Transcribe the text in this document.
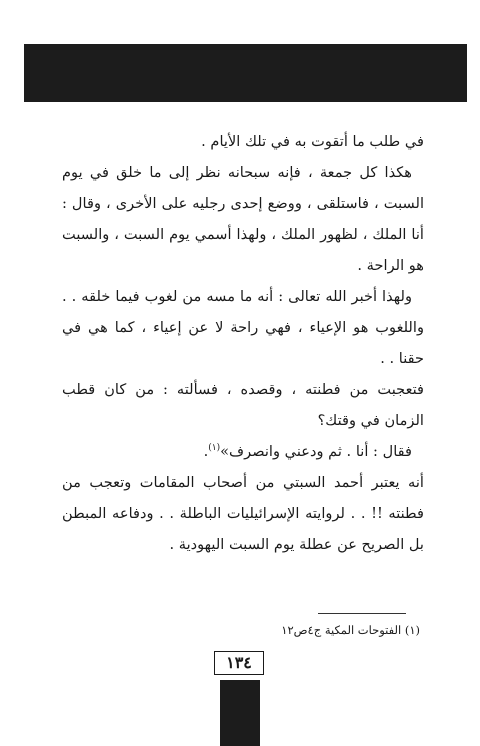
في طلب ما أتقوت به في تلك الأيام .

هكذا كل جمعة ، فإنه سبحانه نظر إلى ما خلق في يوم السبت ، فاستلقى ، ووضع إحدى رجليه على الأخرى ، وقال : أنا الملك ، لظهور الملك ، ولهذا أسمي يوم السبت ، والسبت هو الراحة .

ولهذا أخبر الله تعالى : أنه ما مسه من لغوب فيما خلقه . . واللغوب هو الإعياء ، فهي راحة لا عن إعياء ، كما هي في حقنا . .

فتعجبت من فطنته ، وقصده ، فسألته : من كان قطب الزمان في وقتك؟

فقال : أنا . ثم ودعني وانصرف»$^{(١)}$.

أنه يعتبر أحمد السبتي من أصحاب المقامات وتعجب من فطنته !! . . لروايته الإسرائيليات الباطلة . . ودفاعه المبطن بل الصريح عن عطلة يوم السبت اليهودية .

(١) الفتوحات المكية ج٤ص١٢
١٣٤
